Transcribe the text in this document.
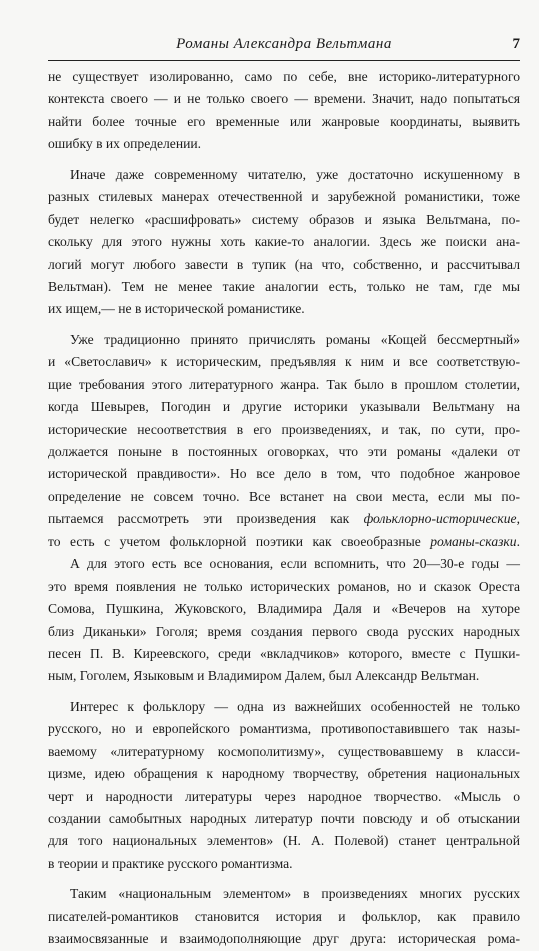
Романы Александра Вельтмана	7
не существует изолированно, само по себе, вне историко-литературного
контекста своего — и не только своего — времени. Значит, надо попытаться
найти более точные его временные или жанровые координаты, выявить
ошибку в их определении.
Иначе даже современному читателю, уже достаточно искушенному в
разных стилевых манерах отечественной и зарубежной романистики, тоже
будет нелегко «расшифровать» систему образов и языка Вельтмана, по-
скольку для этого нужны хоть какие-то аналогии. Здесь же поиски ана-
логий могут любого завести в тупик (на что, собственно, и рассчитывал
Вельтман). Тем не менее такие аналогии есть, только не там, где мы
их ищем,— не в исторической романистике.
Уже традиционно принято причислять романы «Кощей бессмертный»
и «Светославич» к историческим, предъявляя к ним и все соответствую-
щие требования этого литературного жанра. Так было в прошлом столетии,
когда Шевырев, Погодин и другие историки указывали Вельтману на
исторические несоответствия в его произведениях, и так, по сути, про-
должается поныне в постоянных оговорках, что эти романы «далеки от
исторической правдивости». Но все дело в том, что подобное жанровое
определение не совсем точно. Все встанет на свои места, если мы по-
пытаемся рассмотреть эти произведения как фольклорно-исторические,
то есть с учетом фольклорной поэтики как своеобразные романы-сказки.
А для этого есть все основания, если вспомнить, что 20—30-е годы —
это время появления не только исторических романов, но и сказок Ореста
Сомова, Пушкина, Жуковского, Владимира Даля и «Вечеров на хуторе
близ Диканьки» Гоголя; время создания первого свода русских народных
песен П. В. Киреевского, среди «вкладчиков» которого, вместе с Пушки-
ным, Гоголем, Языковым и Владимиром Далем, был Александр Вельтман.
Интерес к фольклору — одна из важнейших особенностей не только
русского, но и европейского романтизма, противопоставившего так назы-
ваемому «литературному космополитизму», существовавшему в класси-
цизме, идею обращения к народному творчеству, обретения национальных
черт и народности литературы через народное творчество. «Мысль о
создании самобытных народных литератур почти повсюду и об отыскании
для того национальных элементов» (Н. А. Полевой) станет центральной
в теории и практике русского романтизма.
Таким «национальным элементом» в произведениях многих русских
писателей-романтиков становится история и фольклор, как правило
взаимосвязанные и взаимодополняющие друг друга: историческая рома-
